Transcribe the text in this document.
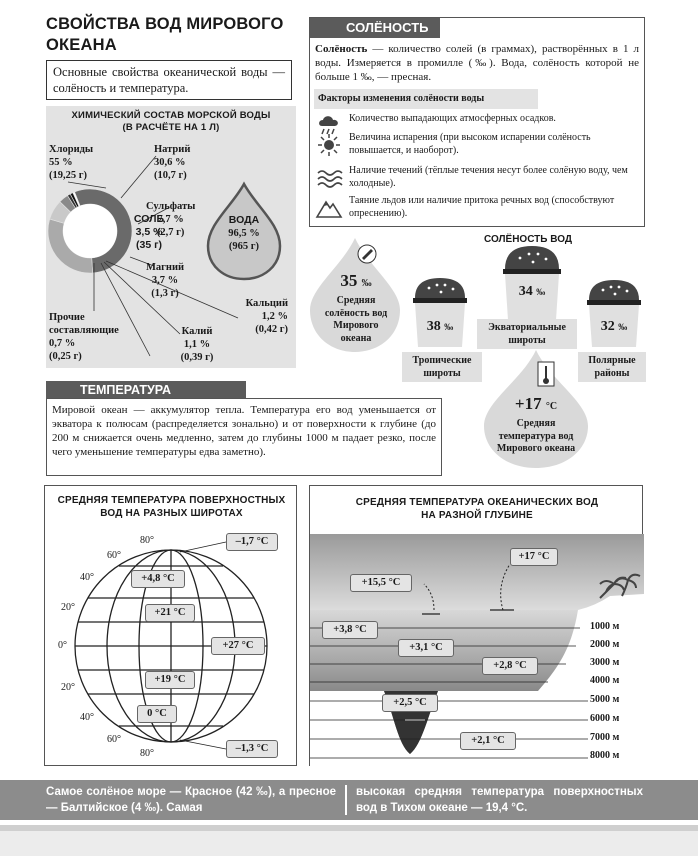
СВОЙСТВА ВОД МИРОВОГО ОКЕАНА
Основные свойства океанической воды — солёность и температура.
ХИМИЧЕСКИЙ СОСТАВ МОРСКОЙ ВОДЫ
(В РАСЧЁТЕ НА 1 Л)
СОЛЬ
3,5 %
(35 г)
ВОДА
96,5 %
(965 г)
Хлориды
55 %
(19,25 г)
Натрий
30,6 %
(10,7 г)
Сульфаты
7,7 %
(2,7 г)
Магний
3,7 %
(1,3 г)
Кальций
1,2 %
(0,42 г)
Калий
1,1 %
(0,39 г)
Прочие
составляющие
0,7 %
(0,25 г)
СОЛЁНОСТЬ
Солёность — количество солей (в граммах), растворённых в 1 л воды. Измеряется в промилле (‰). Вода, солёность которой не больше 1 ‰, — пресная.
Факторы изменения солёности воды
Количество выпадающих атмосферных осадков.
Величина испарения (при высоком испарении солёность повышается, и наоборот).
Наличие течений (тёплые течения несут более солёную воду, чем холодные).
Таяние льдов или наличие притока речных вод (способствуют опреснению).
СОЛЁНОСТЬ ВОД
35 ‰
Средняя солёность вод Мирового океана
38 ‰
34 ‰
32 ‰
Тропические широты
Экваториальные широты
Полярные районы
+17 °С
Средняя температура вод Мирового океана
ТЕМПЕРАТУРА
Мировой океан — аккумулятор тепла. Температура его вод уменьшается от экватора к полюсам (распределяется зонально) и от поверхности к глубине (до 200 м снижается очень медленно, затем до глубины 1000 м падает резко, после чего уменьшение температуры едва заметно).
СРЕДНЯЯ ТЕМПЕРАТУРА ПОВЕРХНОСТНЫХ
ВОД НА РАЗНЫХ ШИРОТАХ
80°
60°
40°
20°
0°
20°
40°
60°
80°
–1,7 °С
+4,8 °С
+21 °С
+27 °С
+19 °С
0 °С
–1,3 °С
СРЕДНЯЯ ТЕМПЕРАТУРА ОКЕАНИЧЕСКИХ ВОД
НА РАЗНОЙ ГЛУБИНЕ
+17 °С
+15,5 °С
+3,8 °С
+3,1 °С
+2,8 °С
+2,5 °С
+2,1 °С
1000 м
2000 м
3000 м
4000 м
5000 м
6000 м
7000 м
8000 м
Самое солёное море — Красное (42 ‰), а пресное — Балтийское (4 ‰). Самая
высокая средняя температура поверхностных вод в Тихом океане — 19,4 °С.
